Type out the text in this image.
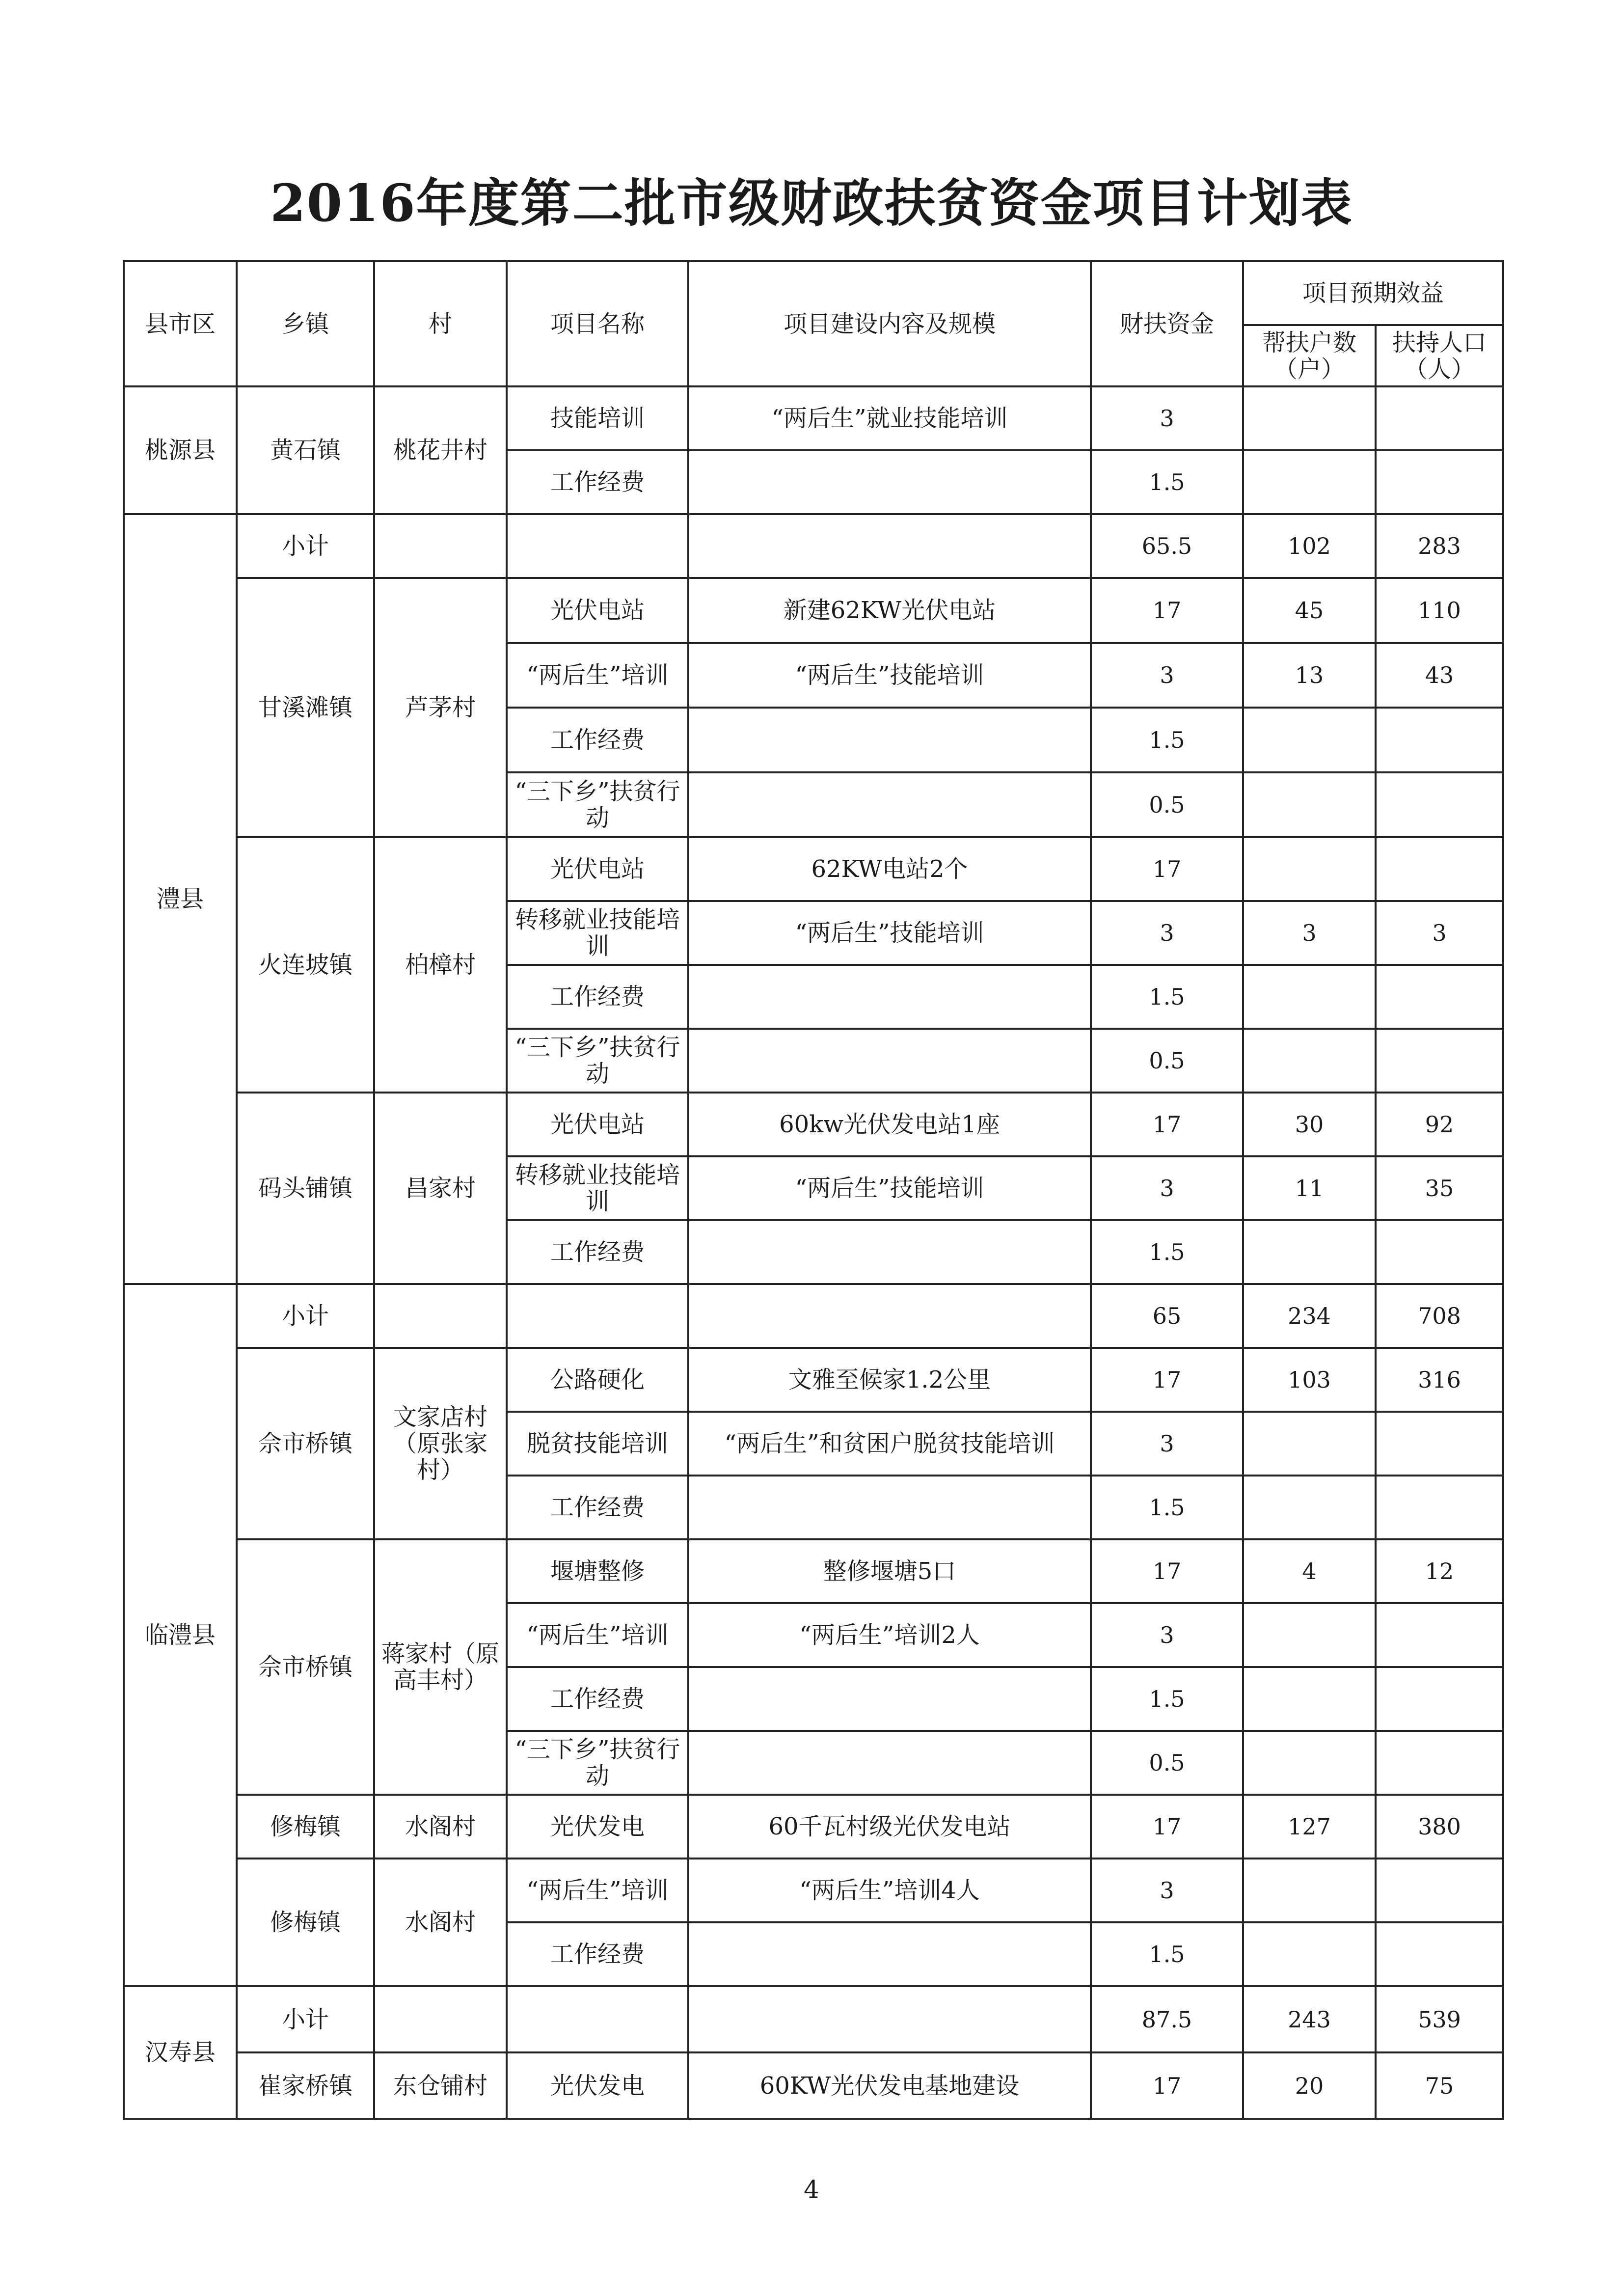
2016年度第二批市级财政扶贫资金项目计划表
县市区	乡镇	村	项目名称	项目建设内容及规模	财扶资金	项目预期效益	
						帮扶户数（户）	扶持人口（人）
桃源县	黄石镇	桃花井村	技能培训	“两后生”就业技能培训	3		
			工作经费		1.5		
澧县	小计				65.5	102	283
	甘溪滩镇	芦茅村	光伏电站	新建62KW光伏电站	17	45	110
			“两后生”培训	“两后生”技能培训	3	13	43
			工作经费		1.5		
			“三下乡”扶贫行动		0.5		
	火连坡镇	柏樟村	光伏电站	62KW电站2个	17		
			转移就业技能培训	“两后生”技能培训	3	3	3
			工作经费		1.5		
			“三下乡”扶贫行动		0.5		
	码头铺镇	昌家村	光伏电站	60kw光伏发电站1座	17	30	92
			转移就业技能培训	“两后生”技能培训	3	11	35
			工作经费		1.5		
临澧县	小计				65	234	708
	佘市桥镇	文家店村（原张家村）	公路硬化	文雅至候家1.2公里	17	103	316
			脱贫技能培训	“两后生”和贫困户脱贫技能培训	3		
			工作经费		1.5		
	佘市桥镇	蒋家村（原高丰村）	堰塘整修	整修堰塘5口	17	4	12
			“两后生”培训	“两后生”培训2人	3		
			工作经费		1.5		
			“三下乡”扶贫行动		0.5		
	修梅镇	水阁村	光伏发电	60千瓦村级光伏发电站	17	127	380
	修梅镇	水阁村	“两后生”培训	“两后生”培训4人	3		
			工作经费		1.5		
汉寿县	小计				87.5	243	539
	崔家桥镇	东仓铺村	光伏发电	60KW光伏发电基地建设	17	20	75
4
